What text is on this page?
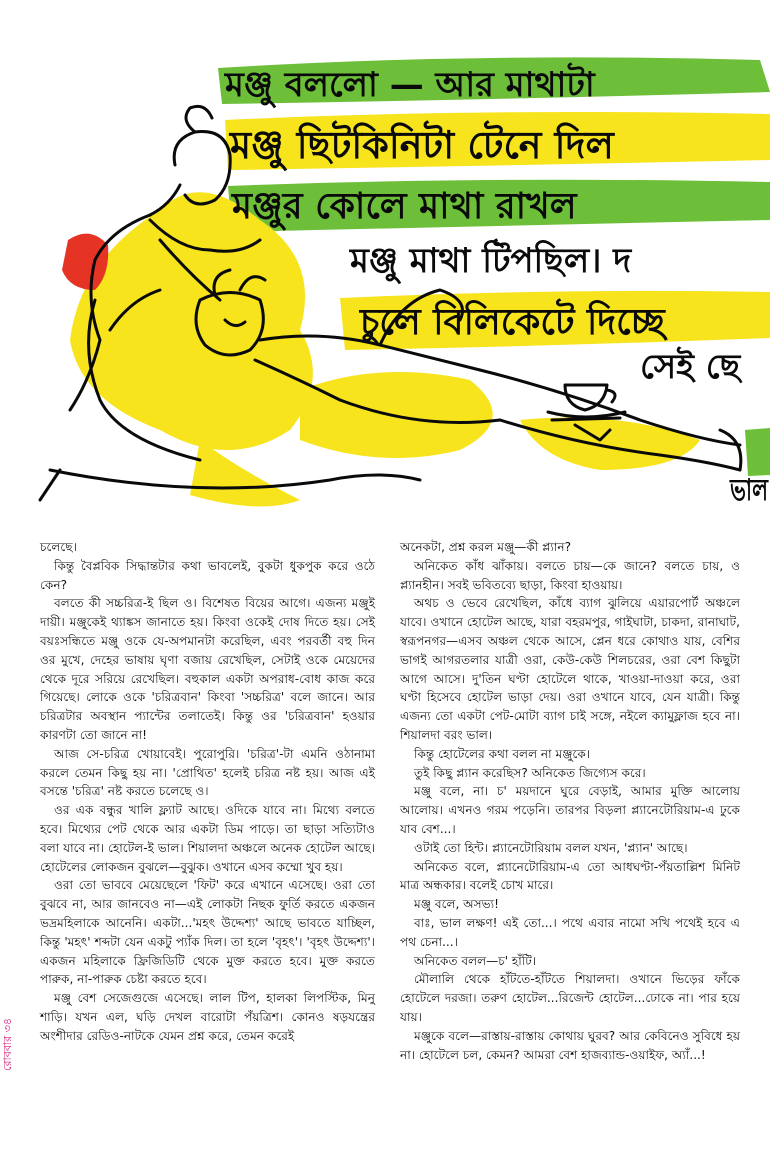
মঞ্জু বললো — আর মাথাটা
মঞ্জু ছিটকিনিটা টেনে দিল
মঞ্জুর কোলে মাথা রাখল
মঞ্জু মাথা টিপছিল। দ
চুলে বিলিকেটে দিচ্ছে
সেই ছে
ভাল

চলেছে।

কিন্তু বৈপ্লবিক সিদ্ধান্তটার কথা ভাবলেই, বুকটা ধুকপুক করে ওঠে কেন?

বলতে কী সচ্চরিত্র-ই ছিল ও। বিশেষত বিয়ের আগে। এজন্য মঞ্জুই দায়ী। মঞ্জুকেই থ্যাঙ্কস জানাতে হয়। কিংবা ওকেই দোষ দিতে হয়। সেই বয়ঃসন্ধিতে মঞ্জু ওকে যে-অপমানটা করেছিল, এবং পরবর্তী বহু দিন ওর মুখে, দেহের ভাষায় ঘৃণা বজায় রেখেছিল, সেটাই ওকে মেয়েদের থেকে দূরে সরিয়ে রেখেছিল। বহুকাল একটা অপরাধ-বোধ কাজ করে গিয়েছে। লোকে ওকে 'চরিত্রবান' কিংবা 'সচ্চরিত্র' বলে জানে। আর চরিত্রটার অবস্থান প্যান্টের তলাতেই। কিন্তু ওর 'চরিত্রবান' হওয়ার কারণটা তো জানে না!

আজ সে-চরিত্র খোয়াবেই। পুরোপুরি। 'চরিত্র'-টা এমনি ওঠানামা করলে তেমন কিছু হয় না। 'প্রোথিত' হলেই চরিত্র নষ্ট হয়। আজ এই বসন্তে 'চরিত্র' নষ্ট করতে চলেছে ও।

ওর এক বন্ধুর খালি ফ্ল্যাট আছে। ওদিকে যাবে না। মিথ্যে বলতে হবে। মিথ্যের পেট থেকে আর একটা ডিম পাড়ে। তা ছাড়া সত্যিটাও বলা যাবে না। হোটেল-ই ভাল। শিয়ালদা অঞ্চলে অনেক হোটেল আছে। হোটেলের লোকজন বুঝলে—বুঝুক। ওখানে এসব কম্মো খুব হয়।

ওরা তো ভাববে মেয়েছেলে 'ফিট' করে এখানে এসেছে। ওরা তো বুঝবে না, আর জানবেও না—এই লোকটা নিছক ফুর্তি করতে একজন ভদ্রমহিলাকে আনেনি। একটা...'মহৎ উদ্দেশ্য' আছে ভাবতে যাচ্ছিল, কিন্তু 'মহৎ' শব্দটা যেন একটু প্যাঁক দিল। তা হলে 'বৃহৎ'। 'বৃহৎ উদ্দেশ্য'। একজন মহিলাকে ফ্রিজিডিটি থেকে মুক্ত করতে হবে। মুক্ত করতে পারুক, না-পারুক চেষ্টা করতে হবে।

মঞ্জু বেশ সেজেগুজে এসেছে। লাল টিপ, হালকা লিপস্টিক, মিনু শাড়ি। যখন এল, ঘড়ি দেখল বারোটা পঁয়ত্রিশ। কোনও ষড়যন্ত্রের অংশীদার রেডিও-নাটকে যেমন প্রশ্ন করে, তেমন করেই

অনেকটা, প্রশ্ন করল মঞ্জু—কী প্ল্যান?

অনিকেত কাঁধ ঝাঁকায়। বলতে চায়—কে জানে? বলতে চায়, ও প্ল্যানহীন। সবই ভবিতব্যে ছাড়া, কিংবা হাওয়ায়।

অথচ ও ভেবে রেখেছিল, কাঁধে ব্যাগ ঝুলিয়ে এয়ারপোর্ট অঞ্চলে যাবে। ওখানে হোটেল আছে, যারা বহরমপুর, গাইঘাটা, চাকদা, রানাঘাট, স্বরূপনগর—এসব অঞ্চল থেকে আসে, প্লেন ধরে কোথাও যায়, বেশির ভাগই আগরতলার যাত্রী ওরা, কেউ-কেউ শিলচরের, ওরা বেশ কিছুটা আগে আসে। দু'তিন ঘণ্টা হোটেলে থাকে, খাওয়া-দাওয়া করে, ওরা ঘণ্টা হিসেবে হোটেল ভাড়া দেয়। ওরা ওখানে যাবে, যেন যাত্রী। কিন্তু এজন্য তো একটা পেট-মোটা ব্যাগ চাই সঙ্গে, নইলে ক্যামুফ্লাজ হবে না। শিয়ালদা বরং ভাল।

কিন্তু হোটেলের কথা বলল না মঞ্জুকে।

তুই কিছু প্ল্যান করেছিস? অনিকেত জিগ্যেস করে।

মঞ্জু বলে, না। চ' ময়দানে ঘুরে বেড়াই, আমার মুক্তি আলোয় আলোয়। এখনও গরম পড়েনি। তারপর বিড়লা প্ল্যানেটোরিয়াম-এ ঢুকে যাব বেশ...।

ওটাই তো হিন্ট। প্ল্যানেটোরিয়াম বলল যখন, 'প্ল্যান' আছে।

অনিকেত বলে, প্ল্যানেটোরিয়াম-এ তো আধঘণ্টা-পঁয়তাল্লিশ মিনিট মাত্র অন্ধকার। বলেই চোখ মারে।

মঞ্জু বলে, অসভ্য!

বাঃ, ভাল লক্ষণ! এই তো...। পথে এবার নামো সখি পথেই হবে এ পথ চেনা...।

অনিকেত বলল—চ' হাঁটি।

মৌলালি থেকে হাঁটতে-হাঁটতে শিয়ালদা। ওখানে ভিড়ের ফাঁকে হোটেলে দরজা। তরুণ হোটেল...রিজেন্ট হোটেল...ঢোকে না। পার হয়ে যায়।

মঞ্জুকে বলে—রাস্তায়-রাস্তায় কোথায় ঘুরব? আর কেবিনেও সুবিধে হয় না। হোটেলে চল, কেমন? আমরা বেশ হাজব্যান্ড-ওয়াইফ, অ্যাঁ...!

রোববার ৩৪
